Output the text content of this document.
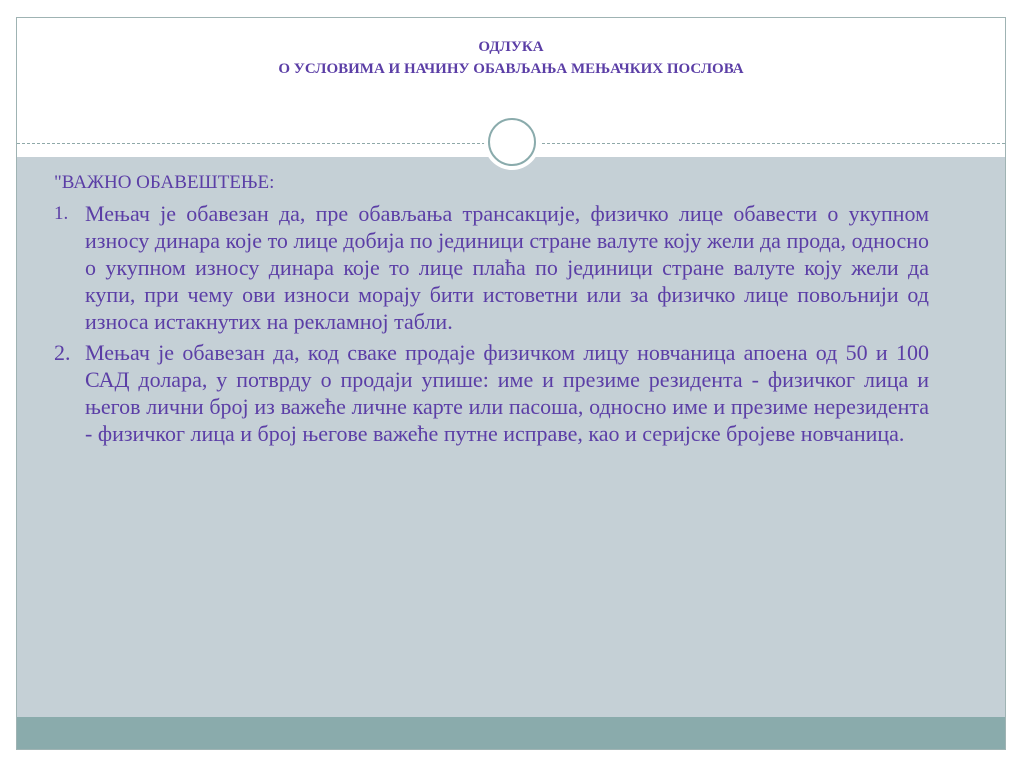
ОДЛУКА
О УСЛОВИМА И НАЧИНУ ОБАВЉАЊА МЕЊАЧКИХ ПОСЛОВА
"ВАЖНО ОБАВЕШТЕЊЕ:
1. Мењач је обавезан да, пре обављања трансакције, физичко лице обавести о укупном износу динара које то лице добија по јединици стране валуте коју жели да прода, односно о укупном износу динара које то лице плаћа по јединици стране валуте коју жели да купи, при чему ови износи морају бити истоветни или за физичко лице повољнији од износа истакнутих на рекламној табли.
2. Мењач је обавезан да, код сваке продаје физичком лицу новчаница апоена од 50 и 100 САД долара, у потврду о продаји упише: име и презиме резидента - физичког лица и његов лични број из важеће личне карте или пасоша, односно име и презиме нерезидента - физичког лица и број његове важеће путне исправе, као и серијске бројеве новчаница.
